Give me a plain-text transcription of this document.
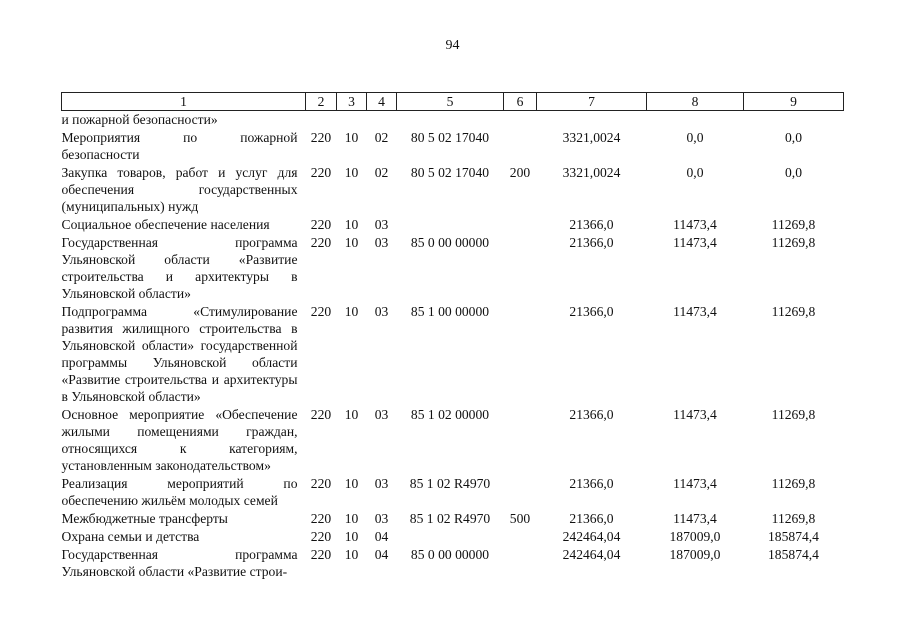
94
1	2	3	4	5	6	7	8	9
и пожарной безопасности»								
Мероприятия по пожарной безопасности	220	10	02	80 5 02 17040		3321,0024	0,0	0,0
Закупка товаров, работ и услуг для обеспечения государственных (муниципальных) нужд	220	10	02	80 5 02 17040	200	3321,0024	0,0	0,0
Социальное обеспечение населения	220	10	03			21366,0	11473,4	11269,8
Государственная программа Ульяновской области «Развитие строительства и архитектуры в Ульяновской области»	220	10	03	85 0 00 00000		21366,0	11473,4	11269,8
Подпрограмма «Стимулирование развития жилищного строительства в Ульяновской области» государственной программы Ульяновской области «Развитие строительства и архитектуры в Ульяновской области»	220	10	03	85 1 00 00000		21366,0	11473,4	11269,8
Основное мероприятие «Обеспечение жилыми помещениями граждан, относящихся к категориям, установленным законодательством»	220	10	03	85 1 02 00000		21366,0	11473,4	11269,8
Реализация мероприятий по обеспечению жильём молодых семей	220	10	03	85 1 02 R4970		21366,0	11473,4	11269,8
Межбюджетные трансферты	220	10	03	85 1 02 R4970	500	21366,0	11473,4	11269,8
Охрана семьи и детства	220	10	04			242464,04	187009,0	185874,4
Государственная программа Ульяновской области «Развитие строи-	220	10	04	85 0 00 00000		242464,04	187009,0	185874,4
